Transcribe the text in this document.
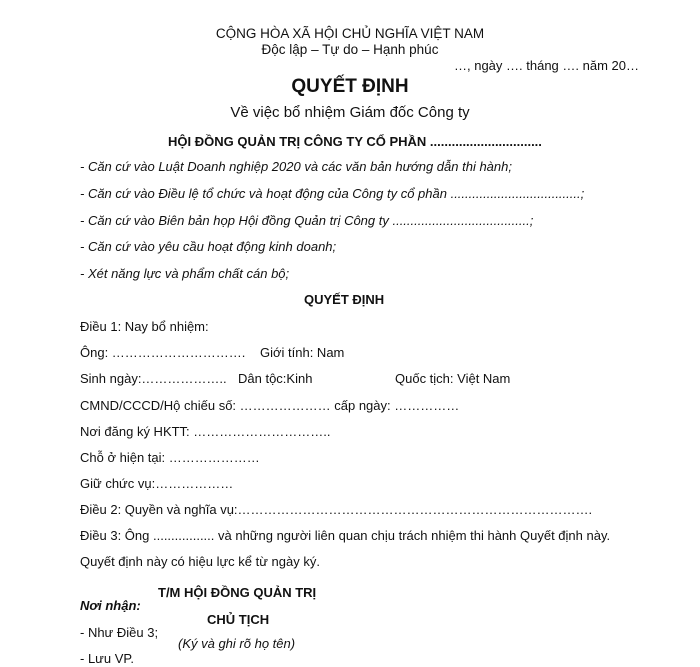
CỘNG HÒA XÃ HỘI CHỦ NGHĨA VIỆT NAM
Độc lập – Tự do – Hạnh phúc
…, ngày …. tháng …. năm 20…
QUYẾT ĐỊNH
Về việc bổ nhiệm Giám đốc Công ty
HỘI ĐỒNG QUẢN TRỊ CÔNG TY CỔ PHẦN ...............................
- Căn cứ vào Luật Doanh nghiệp 2020 và các văn bản hướng dẫn thi hành;
- Căn cứ vào Điều lệ tổ chức và hoạt động của Công ty cổ phần ....................................;
- Căn cứ vào Biên bản họp Hội đồng Quản trị Công ty ......................................;
- Căn cứ vào yêu cầu hoạt động kinh doanh;
- Xét năng lực và phẩm chất cán bộ;
QUYẾT ĐỊNH
Điều 1: Nay bổ nhiệm:
Ông: …………………………. Giới tính: Nam
Sinh ngày:……………….. Dân tộc:Kinh	Quốc tịch: Việt Nam
CMND/CCCD/Hộ chiếu số: ………………… cấp ngày: ……………
Nơi đăng ký HKTT: …………………………..
Chỗ ở hiện tại: …………………
Giữ chức vụ:………………
Điều 2: Quyền và nghĩa vụ:……………………………………………………………………….
Điều 3: Ông ................. và những người liên quan chịu trách nhiệm thi hành Quyết định này.
Quyết định này có hiệu lực kể từ ngày ký.
T/M HỘI ĐỒNG QUẢN TRỊ
Nơi nhận:
CHỦ TỊCH
- Như Điều 3;
(Ký và ghi rõ họ tên)
- Lưu VP.
